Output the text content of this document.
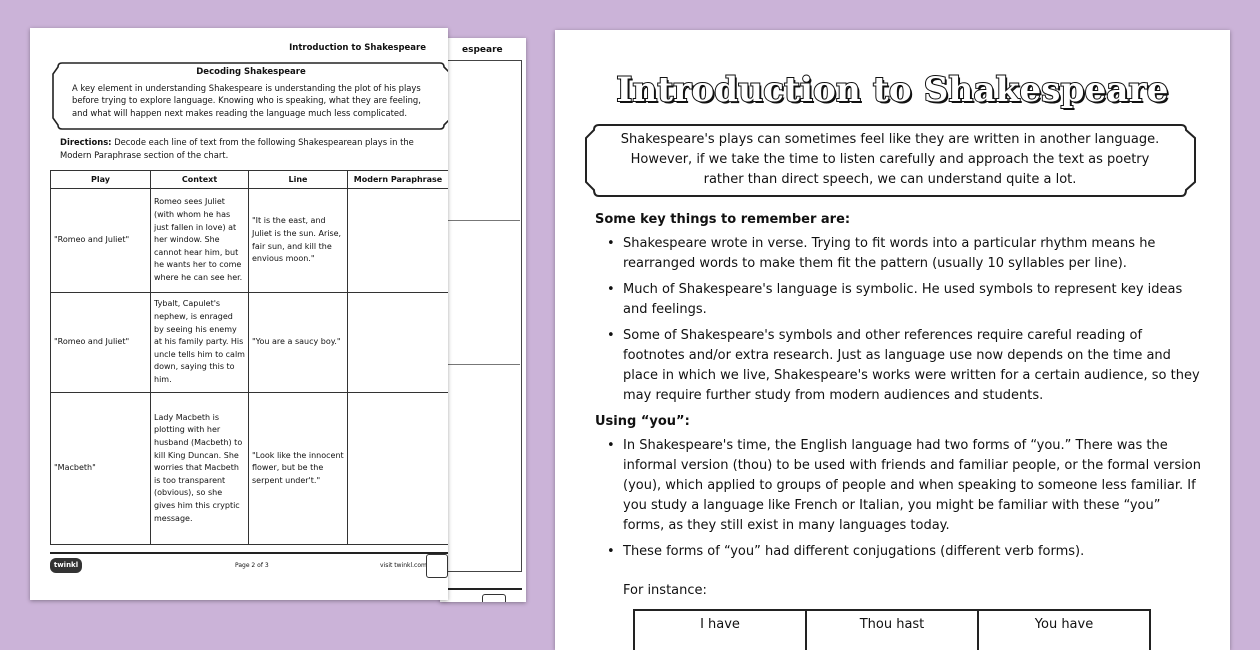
espeare
Introduction to Shakespeare
Decoding Shakespeare
A key element in understanding Shakespeare is understanding the plot of his plays before trying to explore language. Knowing who is speaking, what they are feeling, and what will happen next makes reading the language much less complicated.
Directions: Decode each line of text from the following Shakespearean plays in the Modern Paraphrase section of the chart.
Play	Context	Line	Modern Paraphrase
"Romeo and Juliet"	Romeo sees Juliet (with whom he has just fallen in love) at her window. She cannot hear him, but he wants her to come where he can see her.	"It is the east, and Juliet is the sun. Arise, fair sun, and kill the envious moon."	
"Romeo and Juliet"	Tybalt, Capulet's nephew, is enraged by seeing his enemy at his family party. His uncle tells him to calm down, saying this to him.	"You are a saucy boy."	
"Macbeth"	Lady Macbeth is plotting with her husband (Macbeth) to kill King Duncan. She worries that Macbeth is too transparent (obvious), so she gives him this cryptic message.	"Look like the innocent flower, but be the serpent under't."	
twinkl	Page 2 of 3	visit twinkl.com
Introduction to Shakespeare
Shakespeare's plays can sometimes feel like they are written in another language. However, if we take the time to listen carefully and approach the text as poetry rather than direct speech, we can understand quite a lot.
Some key things to remember are:
• Shakespeare wrote in verse. Trying to fit words into a particular rhythm means he rearranged words to make them fit the pattern (usually 10 syllables per line).
• Much of Shakespeare's language is symbolic. He used symbols to represent key ideas and feelings.
• Some of Shakespeare's symbols and other references require careful reading of footnotes and/or extra research. Just as language use now depends on the time and place in which we live, Shakespeare's works were written for a certain audience, so they may require further study from modern audiences and students.
Using “you”:
• In Shakespeare's time, the English language had two forms of “you.” There was the informal version (thou) to be used with friends and familiar people, or the formal version (you), which applied to groups of people and when speaking to someone less familiar. If you study a language like French or Italian, you might be familiar with these “you” forms, as they still exist in many languages today.
• These forms of “you” had different conjugations (different verb forms).
For instance:
I have	Thou hast	You have
